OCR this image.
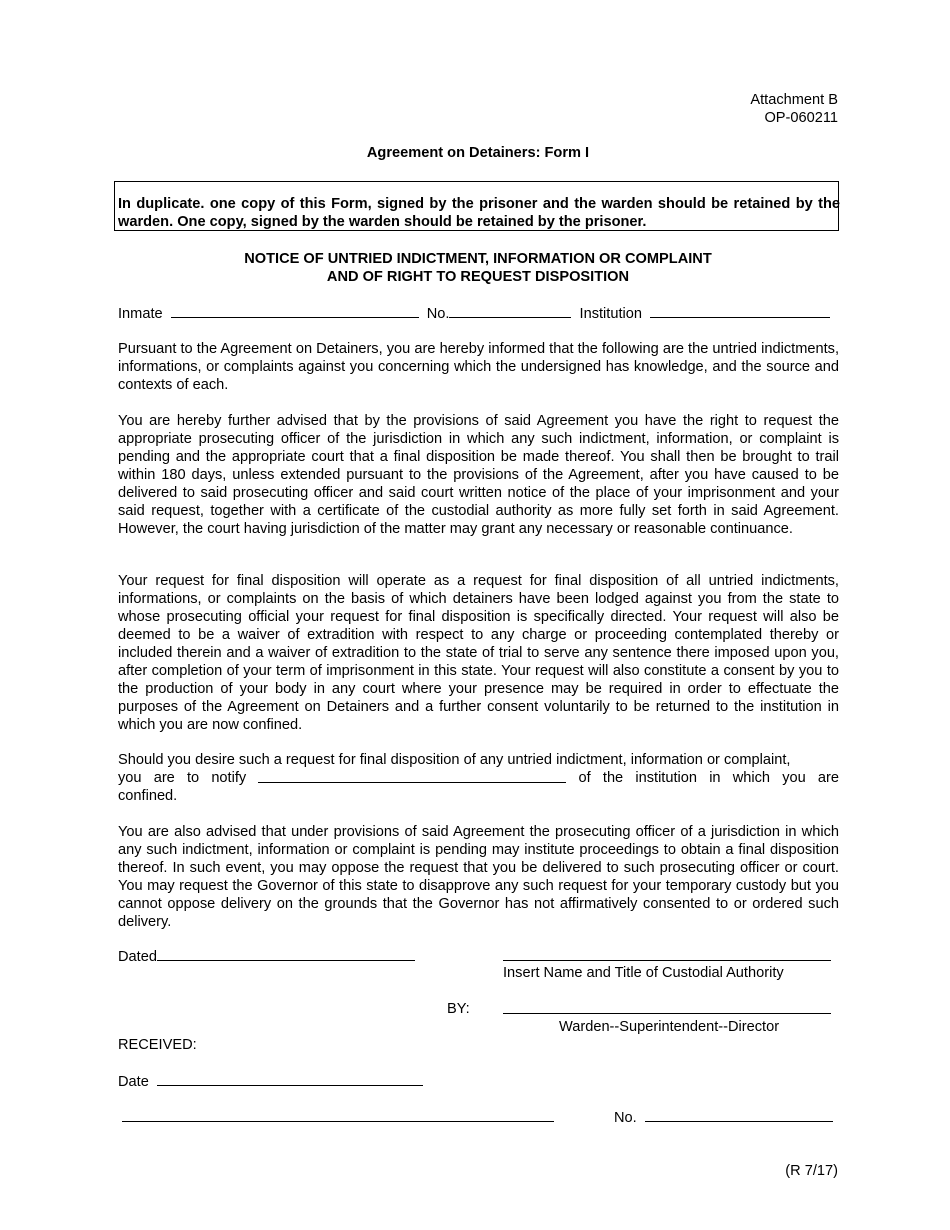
Attachment B
OP-060211
Agreement on Detainers: Form I
In duplicate. one copy of this Form, signed by the prisoner and the warden should be retained by the warden. One copy, signed by the warden should be retained by the prisoner.
NOTICE OF UNTRIED INDICTMENT, INFORMATION OR COMPLAINT
AND OF RIGHT TO REQUEST DISPOSITION
Inmate	No.	Institution

Pursuant to the Agreement on Detainers, you are hereby informed that the following are the untried indictments, informations, or complaints against you concerning which the undersigned has knowledge, and the source and contexts of each.

You are hereby further advised that by the provisions of said Agreement you have the right to request the appropriate prosecuting officer of the jurisdiction in which any such indictment, information, or complaint is pending and the appropriate court that a final disposition be made thereof. You shall then be brought to trail within 180 days, unless extended pursuant to the provisions of the Agreement, after you have caused to be delivered to said prosecuting officer and said court written notice of the place of your imprisonment and your said request, together with a certificate of the custodial authority as more fully set forth in said Agreement. However, the court having jurisdiction of the matter may grant any necessary or reasonable continuance.

Your request for final disposition will operate as a request for final disposition of all untried indictments, informations, or complaints on the basis of which detainers have been lodged against you from the state to whose prosecuting official your request for final disposition is specifically directed. Your request will also be deemed to be a waiver of extradition with respect to any charge or proceeding contemplated thereby or included therein and a waiver of extradition to the state of trial to serve any sentence there imposed upon you, after completion of your term of imprisonment in this state. Your request will also constitute a consent by you to the production of your body in any court where your presence may be required in order to effectuate the purposes of the Agreement on Detainers and a further consent voluntarily to be returned to the institution in which you are now confined.

Should you desire such a request for final disposition of any untried indictment, information or complaint,
you are to notify	of the institution in which you are
confined.

You are also advised that under provisions of said Agreement the prosecuting officer of a jurisdiction in which any such indictment, information or complaint is pending may institute proceedings to obtain a final disposition thereof. In such event, you may oppose the request that you be delivered to such prosecuting officer or court. You may request the Governor of this state to disapprove any such request for your temporary custody but you cannot oppose delivery on the grounds that the Governor has not affirmatively consented to or ordered such delivery.

Dated
Insert Name and Title of Custodial Authority
BY:
Warden--Superintendent--Director
RECEIVED:
Date
No.
(R 7/17)
